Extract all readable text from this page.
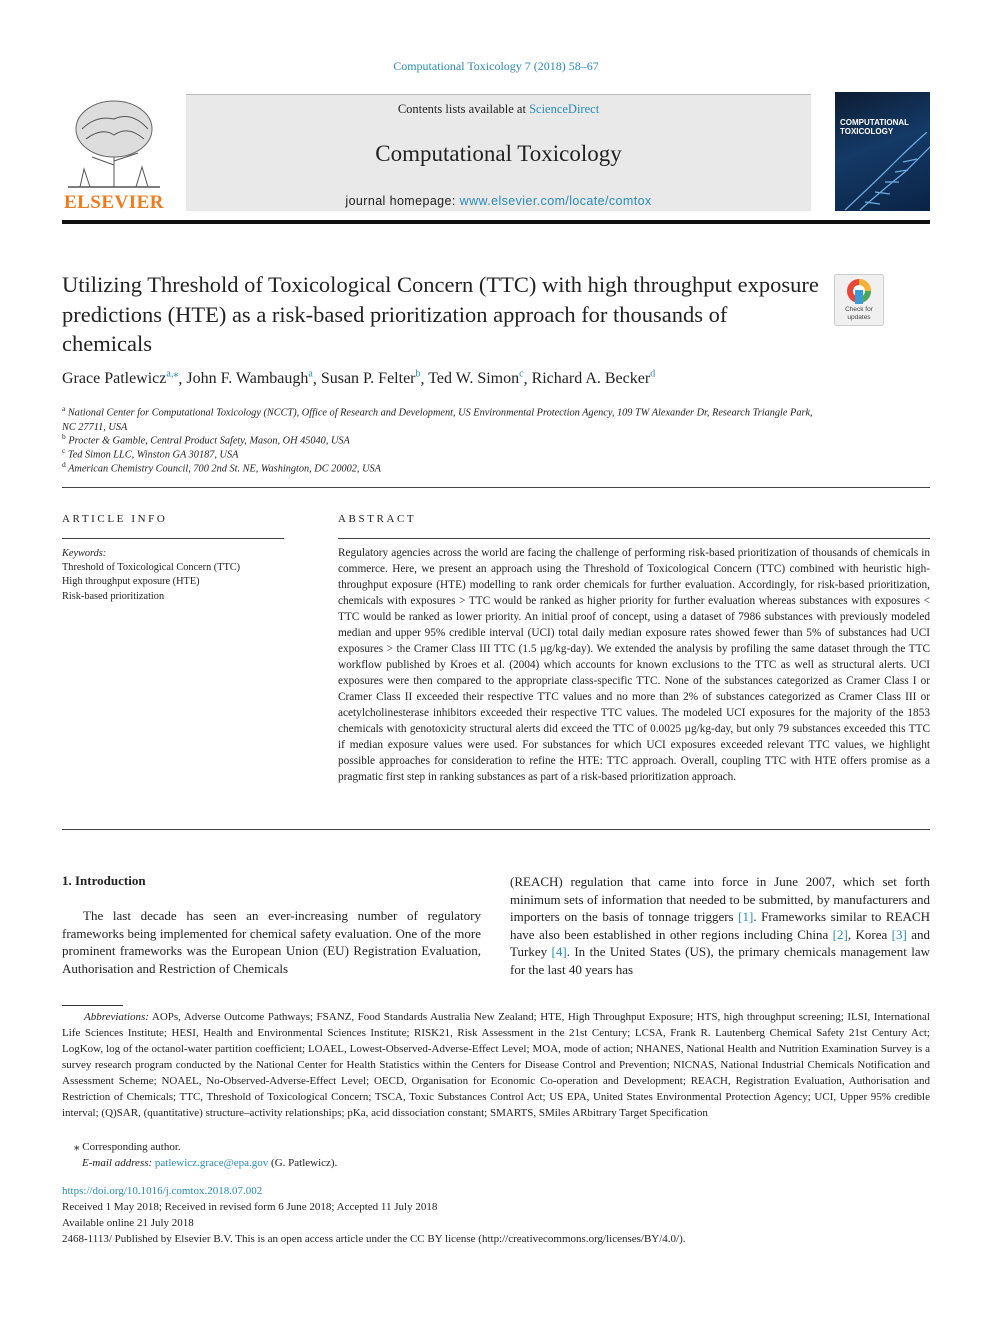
Computational Toxicology 7 (2018) 58–67
ELSEVIER
Contents lists available at ScienceDirect
Computational Toxicology
journal homepage: www.elsevier.com/locate/comtox
COMPUTATIONAL TOXICOLOGY
Utilizing Threshold of Toxicological Concern (TTC) with high throughput exposure predictions (HTE) as a risk-based prioritization approach for thousands of chemicals
Check for updates
Grace Patlewicz$^{a,⁎}$, John F. Wambaugh$^a$, Susan P. Felter$^b$, Ted W. Simon$^c$, Richard A. Becker$^d$
$^a$ National Center for Computational Toxicology (NCCT), Office of Research and Development, US Environmental Protection Agency, 109 TW Alexander Dr, Research Triangle Park, NC 27711, USA
$^b$ Procter & Gamble, Central Product Safety, Mason, OH 45040, USA
$^c$ Ted Simon LLC, Winston GA 30187, USA
$^d$ American Chemistry Council, 700 2nd St. NE, Washington, DC 20002, USA
ARTICLE INFO
Keywords:
Threshold of Toxicological Concern (TTC)
High throughput exposure (HTE)
Risk-based prioritization
ABSTRACT
Regulatory agencies across the world are facing the challenge of performing risk-based prioritization of thousands of chemicals in commerce. Here, we present an approach using the Threshold of Toxicological Concern (TTC) combined with heuristic high-throughput exposure (HTE) modelling to rank order chemicals for further evaluation. Accordingly, for risk-based prioritization, chemicals with exposures > TTC would be ranked as higher priority for further evaluation whereas substances with exposures < TTC would be ranked as lower priority. An initial proof of concept, using a dataset of 7986 substances with previously modeled median and upper 95% credible interval (UCI) total daily median exposure rates showed fewer than 5% of substances had UCI exposures > the Cramer Class III TTC (1.5 µg/kg-day). We extended the analysis by profiling the same dataset through the TTC workflow published by Kroes et al. (2004) which accounts for known exclusions to the TTC as well as structural alerts. UCI exposures were then compared to the appropriate class-specific TTC. None of the substances categorized as Cramer Class I or Cramer Class II exceeded their respective TTC values and no more than 2% of substances categorized as Cramer Class III or acetylcholinesterase inhibitors exceeded their respective TTC values. The modeled UCI exposures for the majority of the 1853 chemicals with genotoxicity structural alerts did exceed the TTC of 0.0025 µg/kg-day, but only 79 substances exceeded this TTC if median exposure values were used. For substances for which UCI exposures exceeded relevant TTC values, we highlight possible approaches for consideration to refine the HTE: TTC approach. Overall, coupling TTC with HTE offers promise as a pragmatic first step in ranking substances as part of a risk-based prioritization approach.
1. Introduction
The last decade has seen an ever-increasing number of regulatory frameworks being implemented for chemical safety evaluation. One of the more prominent frameworks was the European Union (EU) Registration Evaluation, Authorisation and Restriction of Chemicals
(REACH) regulation that came into force in June 2007, which set forth minimum sets of information that needed to be submitted, by manufacturers and importers on the basis of tonnage triggers [1]. Frameworks similar to REACH have also been established in other regions including China [2], Korea [3] and Turkey [4]. In the United States (US), the primary chemicals management law for the last 40 years has
Abbreviations: AOPs, Adverse Outcome Pathways; FSANZ, Food Standards Australia New Zealand; HTE, High Throughput Exposure; HTS, high throughput screening; ILSI, International Life Sciences Institute; HESI, Health and Environmental Sciences Institute; RISK21, Risk Assessment in the 21st Century; LCSA, Frank R. Lautenberg Chemical Safety 21st Century Act; LogKow, log of the octanol-water partition coefficient; LOAEL, Lowest-Observed-Adverse-Effect Level; MOA, mode of action; NHANES, National Health and Nutrition Examination Survey is a survey research program conducted by the National Center for Health Statistics within the Centers for Disease Control and Prevention; NICNAS, National Industrial Chemicals Notification and Assessment Scheme; NOAEL, No-Observed-Adverse-Effect Level; OECD, Organisation for Economic Co-operation and Development; REACH, Registration Evaluation, Authorisation and Restriction of Chemicals; TTC, Threshold of Toxicological Concern; TSCA, Toxic Substances Control Act; US EPA, United States Environmental Protection Agency; UCI, Upper 95% credible interval; (Q)SAR, (quantitative) structure–activity relationships; pKa, acid dissociation constant; SMARTS, SMiles ARbitrary Target Specification
⁎ Corresponding author.
E-mail address: patlewicz.grace@epa.gov (G. Patlewicz).
https://doi.org/10.1016/j.comtox.2018.07.002
Received 1 May 2018; Received in revised form 6 June 2018; Accepted 11 July 2018
Available online 21 July 2018
2468-1113/ Published by Elsevier B.V. This is an open access article under the CC BY license (http://creativecommons.org/licenses/BY/4.0/).
